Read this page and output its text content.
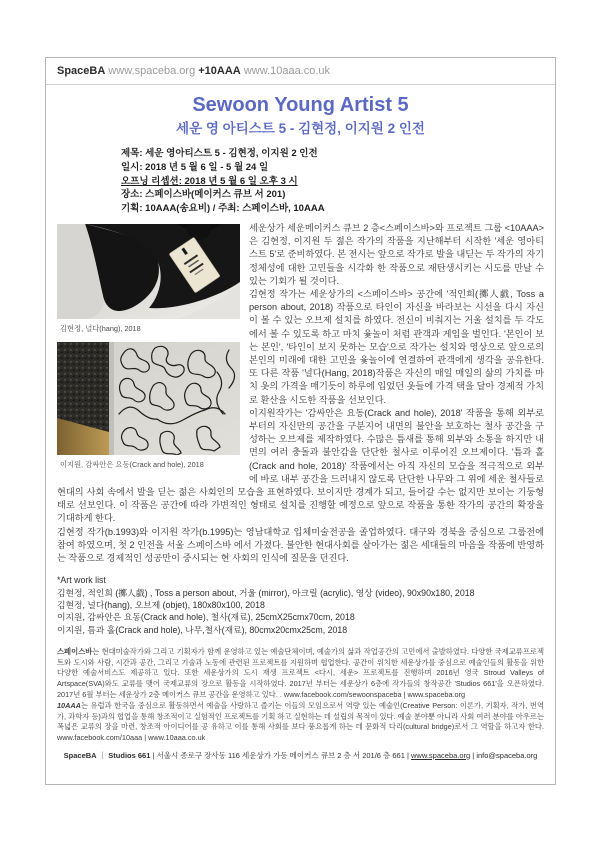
SpaceBA www.spaceba.org +10AAA www.10aaa.co.uk
Sewoon Young Artist 5
세운 영 아티스트 5 - 김현정, 이지원 2 인전
제목: 세운 영아티스트 5 - 김현정, 이지원 2 인전
일시: 2018 년 5 월 6 일 - 5 월 24 일
오프닝 리셉션: 2018 년 5 월 6 일 오후 3 시
장소: 스페이스바(메이커스 큐브 서 201)
기획: 10AAA(송요비) / 주최: 스페이스바, 10AAA
김현정, 널다(hang), 2018
이지원, 감싸안은 요동(Crack and hole), 2018

세운상가 세운메이커스 큐브 2 층<스페이스바>와 프로젝트 그룹 <10AAA>은 김현정, 이지원 두 젊은 작가의 작품을 지난해부터 시작한 '세운 영아티스트 5'로 준비하였다. 본 전시는 앞으로 작가로 발을 내딛는 두 작가의 자기 정체성에 대한 고민들을 시각화 한 작품으로 재탄생시키는 시도를 만날 수 있는 기회가 될 것이다.

김현정 작가는 세운상가의 <스페이스바> 공간에 '적인희(擲人戱, Toss a person about, 2018) 작품으로 타인이 자신을 바라보는 시선을 다시 자신이 볼 수 있는 오브제 설치를 하였다. 전신이 비춰지는 거울 설치를 두 각도에서 볼 수 있도록 하고 마치 윷놀이 처럼 관객과 게임을 벌인다. '본인이 보는 본인', '타인이 보지 못하는 모습'으로 작가는 설치와 영상으로 앞으로의 본인의 미래에 대한 고민을 윷놀이에 연결하여 관객에게 생각을 공유한다. 또 다른 작품 '널다(Hang, 2018)작품은 자신의 매일 매일의 삶의 가치를 마치 옷의 가격을 매기듯이 하루에 입었던 옷들에 가격 택을 달아 경제적 가치로 환산을 시도한 작품을 선보인다.

이지원작가는 '감싸안은 요동(Crack and hole), 2018' 작품을 통해 외부로 부터의 자신만의 공간을 구분지어 내면의 불안을 보호하는 철사 공간을 구성하는 오브제를 제작하였다. 수많은 틈새를 통해 외부와 소통을 하지만 내면의 여러 충돌과 불안감을 단단한 철사로 이루어진 오브제이다. '틈과 홀(Crack and hole, 2018)' 작품에서는 아직 자신의 모습을 적극적으로 외부에 바로 내부 공간을 드러내지 않도록 단단한 나무와 그 위에 세운 철사들로 현대의 사회 속에서 발을 딛는 젊은 사회인의 모습을 표현하였다. 보이지만 경계가 되고, 들어갈 수는 없지만 보이는 기둥형태로 선보인다. 이 작품은 공간에 따라 가변적인 형태로 설치를 진행할 예정으로 앞으로 작품을 통한 작가의 공간의 확장을 기대하게 한다.

김현정 작가(b.1993)와 이지원 작가(b.1995)는 영남대학교 입체미술전공을 졸업하였다. 대구와 경북을 중심으로 그룹전에 참여 하였으며, 첫 2 인전을 서울 스페이스바 에서 가졌다. 불안한 현대사회를 살아가는 젊은 세대들의 마음을 작품에 반영하는 작품으로 경제적인 성공만이 중시되는 현 사회의 인식에 질문을 던진다.

*Art work list
김현정, 적인희 (擲人戱) , Toss a person about, 거울 (mirror), 아크릴 (acrylic), 영상 (video), 90x90x180, 2018
김현정, 널다(hang), 오브제 (objet), 180x80x100, 2018
이지원, 감싸안은 요동(Crack and hole), 철사(재료), 25cmX25cmx70cm, 2018
이지원, 틈과 홀(Crack and hole), 나무,철사(재료), 80cmx20cmx25cm, 2018

스페이스바는 현대미술작가와 그리고 기획자가 함께 운영하고 있는 예술단체이며, 예술가의 삶과 작업공간의 고민에서 출발하였다. 다양한 국제교류프로젝트와 도시와 사람, 시간과 공간, 그리고 기술과 노동에 관련된 프로젝트를 지원하며 협업한다. 공간이 위치한 세운상가를 중심으로 예술인들의 활동을 위한 다양한 예술서비스도 제공하고 있다. 또한 세운상가의 도시 재생 프로젝트 <다시, 세운> 프로젝트를 진행하며 2016년 영국 Stroud Valleys of Artspace(SVA)와도 교류를 맺어 국제교류의 장으로 활동을 시작하였다. 2017년 부터는 세운상가 6층에 작가들의 창작공간 'Studios 661'을 오픈하였다. 2017년 6월 부터는 세운상가 2층 메이커스 큐브 공간을 운영하고 있다. . www.facebook.com/sewoonspaceba | www.spaceba.org

10AAA는 유럽과 한국을 중심으로 활동하면서 예술을 사랑하고 즐기는 이들의 모임으로서 역량 있는 예술인(Creative Person: 이론가, 기획자, 작가, 번역가, 과학자 등)과의 협업을 통해 창조적이고 실험적인 프로젝트를 기획 하고 실현하는 데 설립의 목적이 있다. 예술 분야뿐 아니라 사회 여러 분야를 아우르는 폭넓은 교류의 장을 마련, 창조적 아이디어를 공 유하고 이를 통해 사회를 보다 풍요롭게 하는 데 문화적 다리(cultural bridge)로서 그 역할을 하고자 한다. www.facebook.com/10aaa | www.10aaa.co.uk

SpaceBA ｜ Studios 661 | 서울시 종로구 장사동 116 세운상가 가동 메이커스 큐브 2 층 서 201/6 층 661 | www.spaceba.org | info@spaceba.org
